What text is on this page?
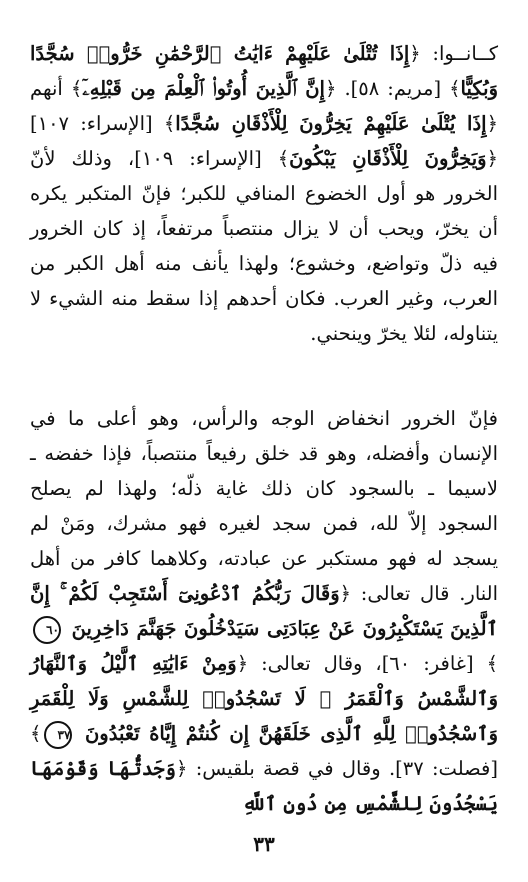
كــانــوا: ﴿إِذَا تُتْلَىٰ عَلَيْهِمْ ءَايَٰتُ ٱلرَّحْمَٰنِ خَرُّوا۟ سُجَّدًا وَبُكِيًّا﴾ [مريم: ٥٨]. ﴿إِنَّ ٱلَّذِينَ أُوتُوا۟ ٱلْعِلْمَ مِن قَبْلِهِۦٓ﴾ أنهم ﴿إِذَا يُتْلَىٰ عَلَيْهِمْ يَخِرُّونَ لِلْأَذْقَانِ سُجَّدًا﴾ [الإسراء: ١٠٧] ﴿وَيَخِرُّونَ لِلْأَذْقَانِ يَبْكُونَ﴾ [الإسراء: ١٠٩]، وذلك لأنّ الخرور هو أول الخضوع المنافي للكبر؛ فإنّ المتكبر يكره أن يخرّ، ويحب أن لا يزال منتصباً مرتفعاً، إذ كان الخرور فيه ذلّ وتواضع، وخشوع؛ ولهذا يأنف منه أهل الكبر من العرب، وغير العرب. فكان أحدهم إذا سقط منه الشيء لا يتناوله، لئلا يخرّ وينحني.

فإنّ الخرور انخفاض الوجه والرأس، وهو أعلى ما في الإنسان وأفضله، وهو قد خلق رفيعاً منتصباً، فإذا خفضه ـ لاسيما ـ بالسجود كان ذلك غاية ذلّه؛ ولهذا لم يصلح السجود إلاّ لله، فمن سجد لغيره فهو مشرك، ومَنْ لم يسجد له فهو مستكبر عن عبادته، وكلاهما كافر من أهل النار. قال تعالى: ﴿وَقَالَ رَبُّكُمُ ٱدْعُونِىٓ أَسْتَجِبْ لَكُمْ ۚ إِنَّ ٱلَّذِينَ يَسْتَكْبِرُونَ عَنْ عِبَادَتِى سَيَدْخُلُونَ جَهَنَّمَ دَاخِرِينَ ٦٠﴾ [غافر: ٦٠]، وقال تعالى: ﴿وَمِنْ ءَايَٰتِهِ ٱلَّيْلُ وَٱلنَّهَارُ وَٱلشَّمْسُ وَٱلْقَمَرُ ۚ لَا تَسْجُدُوا۟ لِلشَّمْسِ وَلَا لِلْقَمَرِ وَٱسْجُدُوا۟ لِلَّهِ ٱلَّذِى خَلَقَهُنَّ إِن كُنتُمْ إِيَّاهُ تَعْبُدُونَ ٣٧﴾ [فصلت: ٣٧]. وقال في قصة بلقيس: ﴿وَجَدتُّهَا وَقَوْمَهَا يَسْجُدُونَ لِلشَّمْسِ مِن دُونِ ٱللَّهِ

٣٣
